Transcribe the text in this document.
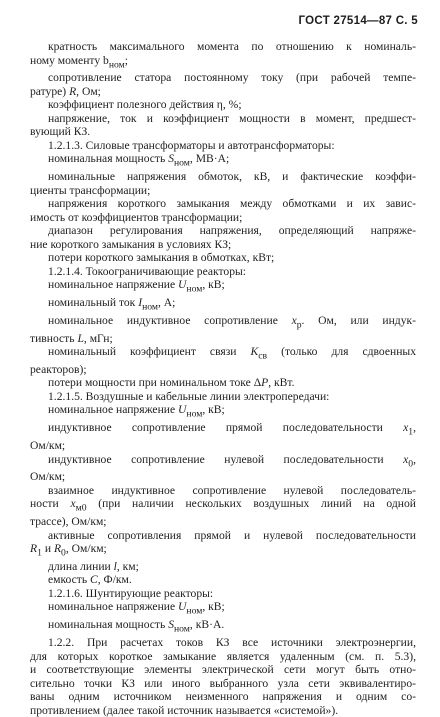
ГОСТ 27514—87 С. 5
кратность максимального момента по отношению к номиналь-
ному моменту $b_{ном}$;
сопротивление статора постоянному току (при рабочей темпе-
ратуре) R, Ом;
коэффициент полезного действия η, %;
напряжение, ток и коэффициент мощности в момент, предшест-
вующий КЗ.
1.2.1.3. Силовые трансформаторы и автотрансформаторы:
номинальная мощность $S_{ном}$, МВ·А;
номинальные напряжения обмоток, кВ, и фактические коэффи-
циенты трансформации;
напряжения короткого замыкания между обмотками и их завис-
имость от коэффициентов трансформации;
диапазон регулирования напряжения, определяющий напряже-
ние короткого замыкания в условиях КЗ;
потери короткого замыкания в обмотках, кВт;
1.2.1.4. Токоограничивающие реакторы:
номинальное напряжение $U_{ном}$, кВ;
номинальный ток $I_{ном}$, А;
номинальное индуктивное сопротивление $x_р$. Ом, или индук-
тивность L, мГн;
номинальный коэффициент связи $K_{св}$ (только для сдвоенных
реакторов);
потери мощности при номинальном токе ΔP, кВт.
1.2.1.5. Воздушные и кабельные линии электропередачи:
номинальное напряжение $U_{ном}$, кВ;
индуктивное сопротивление прямой последовательности $x_1$,
Ом/км;
индуктивное сопротивление нулевой последовательности $x_0$,
Ом/км;
взаимное индуктивное сопротивление нулевой последователь-
ности $x_{м0}$ (при наличии нескольких воздушных линий на одной
трассе), Ом/км;
активные сопротивления прямой и нулевой последовательности
$R_1$ и $R_0$, Ом/км;
длина линии l, км;
емкость C, Ф/км.
1.2.1.6. Шунтирующие реакторы:
номинальное напряжение $U_{ном}$, кВ;
номинальная мощность $S_{ном}$, кВ·А.
1.2.2. При расчетах токов КЗ все источники электроэнергии,
для которых короткое замыкание является удаленным (см. п. 5.3),
и соответствующие элементы электрической сети могут быть отно-
сительно точки КЗ или иного выбранного узла сети эквивалентиро-
ваны одним источником неизменного напряжения и одним со-
противлением (далее такой источник называется «системой»).
